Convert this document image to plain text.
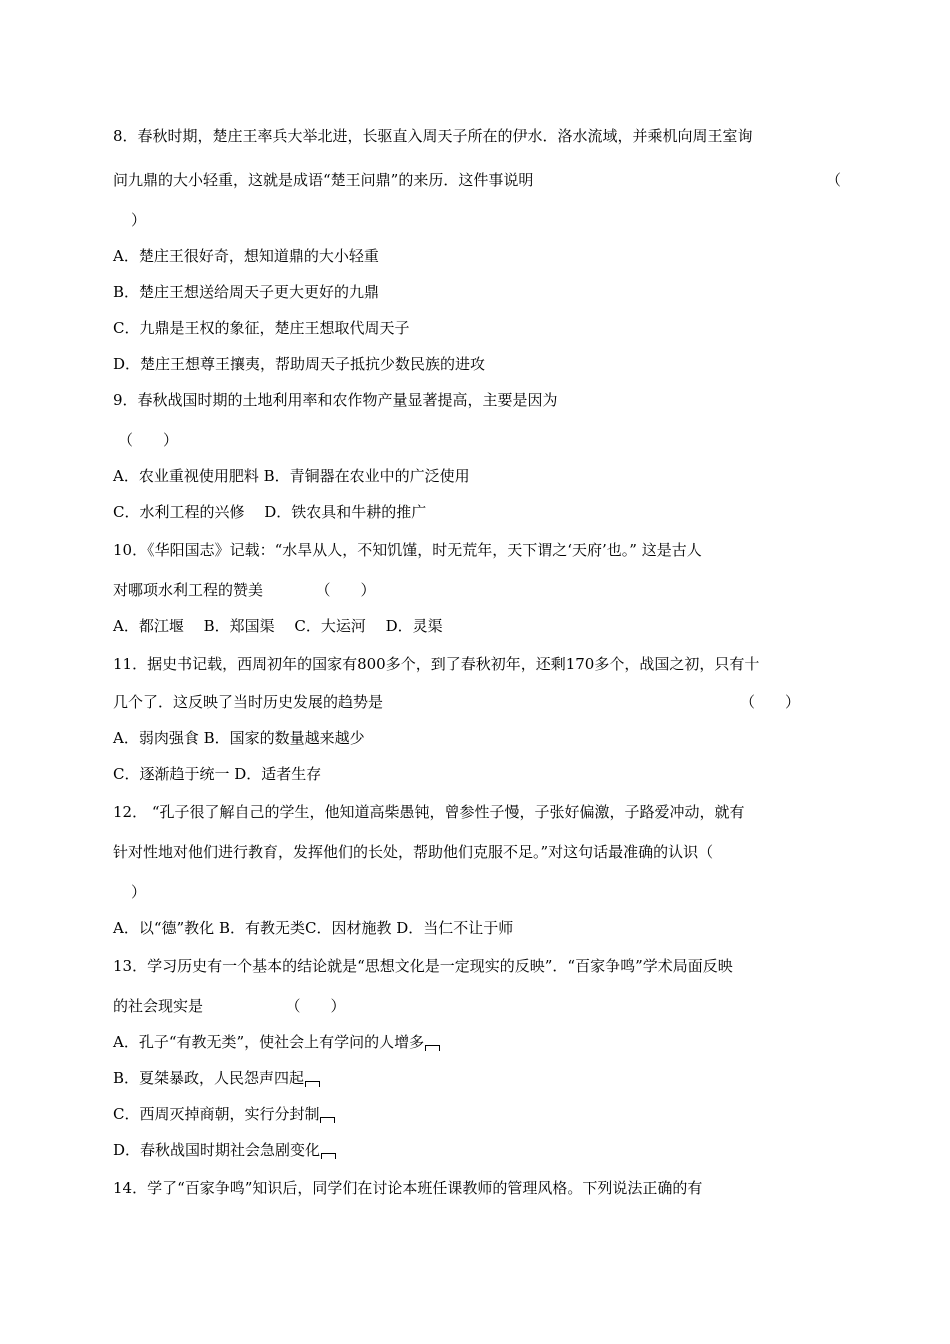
8．春秋时期，楚庄王率兵大举北进，长驱直入周天子所在的伊水．洛水流域，并乘机向周王室询
问九鼎的大小轻重，这就是成语“楚王问鼎”的来历．这件事说明	（
）
A．楚庄王很好奇，想知道鼎的大小轻重
B．楚庄王想送给周天子更大更好的九鼎
C．九鼎是王权的象征，楚庄王想取代周天子
D．楚庄王想尊王攘夷，帮助周天子抵抗少数民族的进攻
9．春秋战国时期的土地利用率和农作物产量显著提高，主要是因为
（　　）
A．农业重视使用肥料 B．青铜器在农业中的广泛使用
C．水利工程的兴修　 D．铁农具和牛耕的推广
10．《华阳国志》记载：“水旱从人，不知饥馑，时无荒年，天下谓之‘天府’也。” 这是古人
对哪项水利工程的赞美　　　　（　　）
A．都江堰　 B．郑国渠　 C．大运河　 D．灵渠
11．据史书记载，西周初年的国家有800多个，到了春秋初年，还剩170多个，战国之初，只有十
几个了．这反映了当时历史发展的趋势是	（　　）
A．弱肉强食 B．国家的数量越来越少
C．逐渐趋于统一 D．适者生存
12． “孔子很了解自己的学生，他知道高柴愚钝，曾参性子慢，子张好偏激，子路爱冲动，就有
针对性地对他们进行教育，发挥他们的长处，帮助他们克服不足。”对这句话最准确的认识（
）
A．以“德”教化 B．有教无类C．因材施教 D．当仁不让于师
13．学习历史有一个基本的结论就是“思想文化是一定现实的反映”．“百家争鸣”学术局面反映
的社会现实是　　　　　　（　　）
A．孔子“有教无类”，使社会上有学问的人增多
B．夏桀暴政，人民怨声四起
C．西周灭掉商朝，实行分封制
D．春秋战国时期社会急剧变化
14．学了“百家争鸣”知识后，同学们在讨论本班任课教师的管理风格。下列说法正确的有
